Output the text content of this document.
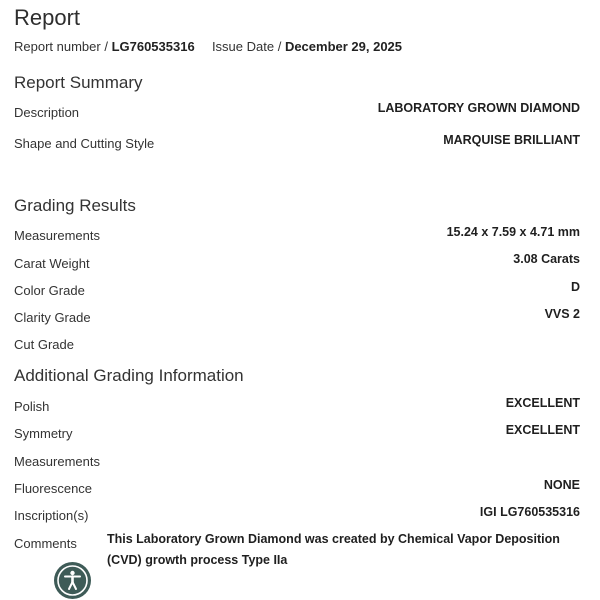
Report
Report number / LG760535316 Issue Date / December 29, 2025
Report Summary
Description	LABORATORY GROWN DIAMOND
Shape and Cutting Style	MARQUISE BRILLIANT
Grading Results
Measurements	15.24 x 7.59 x 4.71 mm
Carat Weight	3.08 Carats
Color Grade	D
Clarity Grade	VVS 2
Cut Grade
Additional Grading Information
Polish	EXCELLENT
Symmetry	EXCELLENT
Measurements
Fluorescence	NONE
Inscription(s)	IGI LG760535316
Comments This Laboratory Grown Diamond was created by Chemical Vapor Deposition (CVD) growth process Type IIa
